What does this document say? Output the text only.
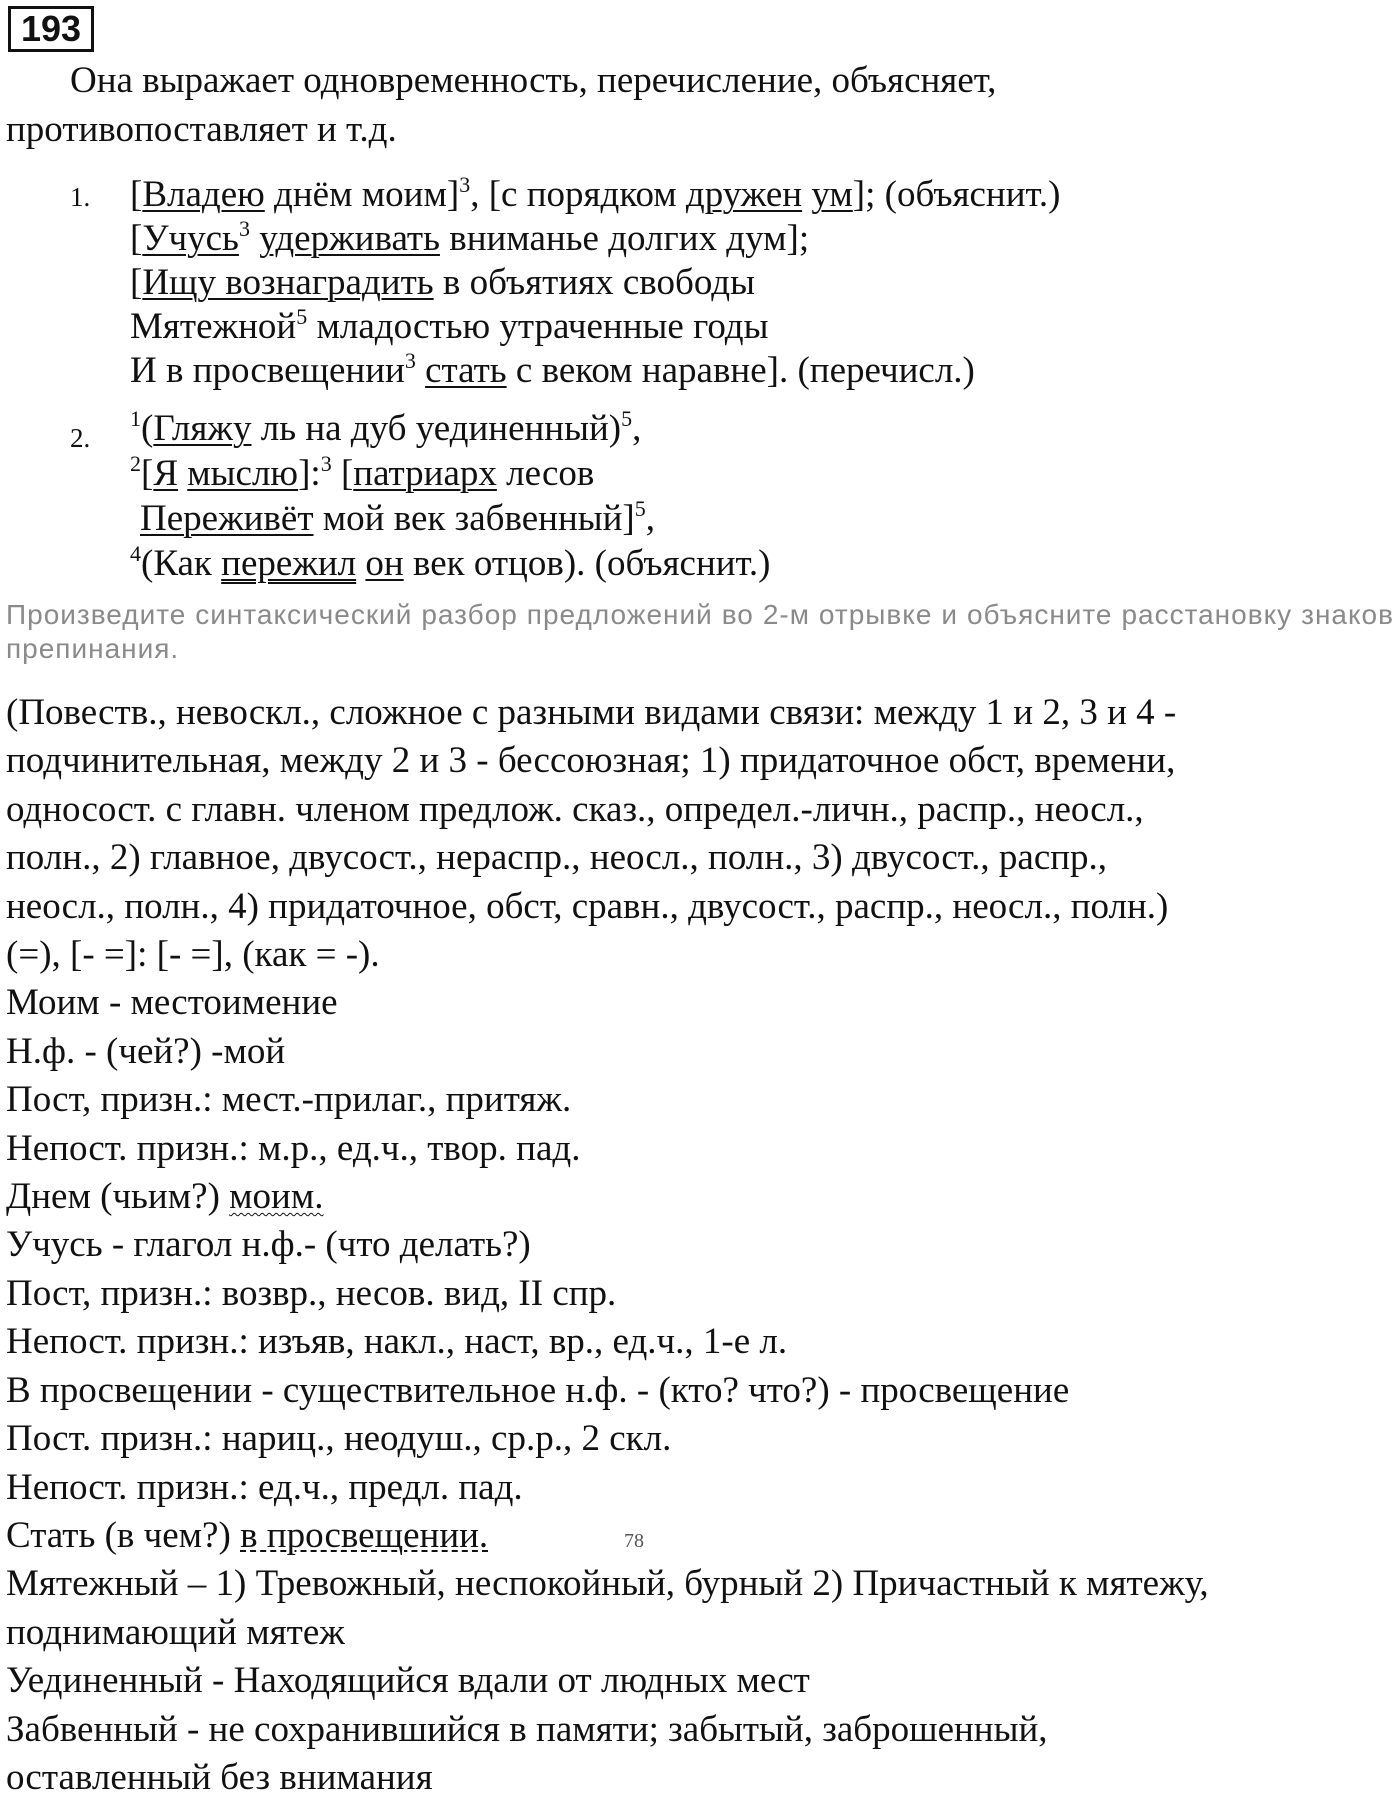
193
Она выражает одновременность, перечисление, объясняет,
противопоставляет и т.д.
1. [Владею днём моим]$^3$, [с порядком дружен ум]; (объяснит.)
[Учусь$^3$ удерживать вниманье долгих дум];
[Ищу вознаградить в объятиях свободы
Мятежной$^5$ младостью утраченные годы
И в просвещении$^3$ стать с веком наравне]. (перечисл.)
2.
$^1$(Гляжу ль на дуб уединенный)$^5$,
$^2$[Я мыслю]:$^3$ [патриарх лесов
Переживёт мой век забвенный]$^5$,
$^4$(Как пережил он век отцов). (объяснит.)
Произведите синтаксический разбор предложений во 2-м отрывке и объясните расстановку знаков препинания.
(Повеств., невоскл., сложное с разными видами связи: между 1 и 2, 3 и 4 -
подчинительная, между 2 и 3 - бессоюзная; 1) придаточное обст, времени,
односост. с главн. членом предлож. сказ., определ.-личн., распр., неосл.,
полн., 2) главное, двусост., нераспр., неосл., полн., 3) двусост., распр.,
неосл., полн., 4) придаточное, обст, сравн., двусост., распр., неосл., полн.)
(=), [- =]: [- =], (как = -).
Моим - местоимение
Н.ф. - (чей?) -мой
Пост, призн.: мест.-прилаг., притяж.
Непост. призн.: м.р., ед.ч., твор. пад.
Днем (чьим?) моим.
Учусь - глагол н.ф.- (что делать?)
Пост, призн.: возвр., несов. вид, II спр.
Непост. призн.: изъяв, накл., наст, вр., ед.ч., 1-е л.
В просвещении - существительное н.ф. - (кто? что?) - просвещение
Пост. призн.: нариц., неодуш., ср.р., 2 скл.
Непост. призн.: ед.ч., предл. пад.
Стать (в чем?) в просвещении.
Мятежный – 1) Тревожный, неспокойный, бурный 2) Причастный к мятежу,
поднимающий мятеж
Уединенный - Находящийся вдали от людных мест
Забвенный - не сохранившийся в памяти; забытый, заброшенный,
оставленный без внимания
78
